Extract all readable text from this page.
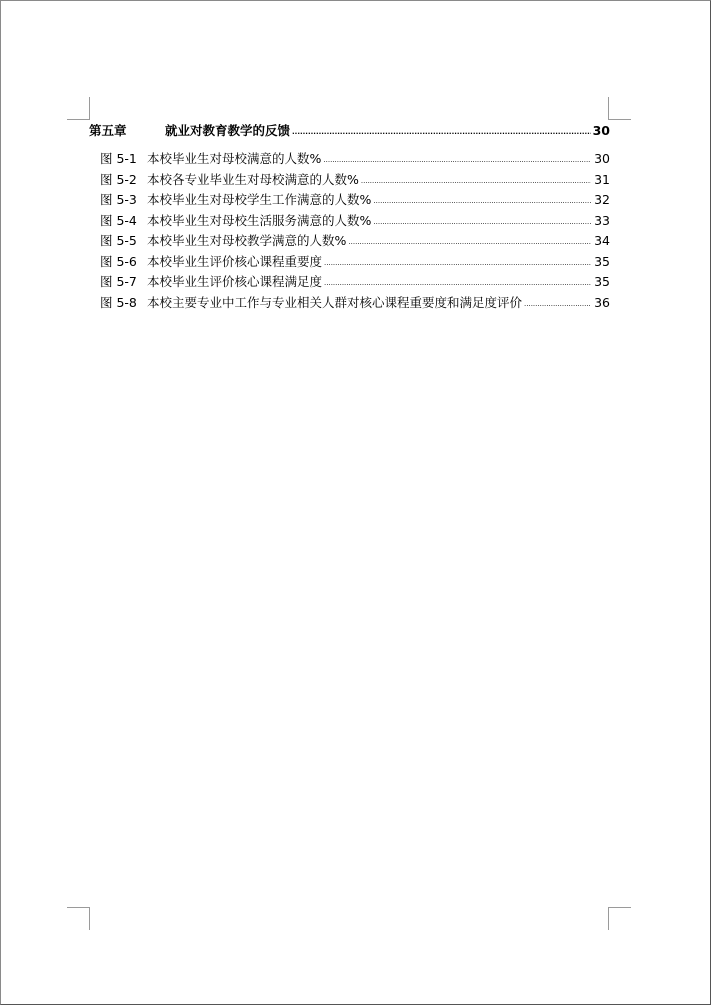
第五章	就业对教育教学的反馈 .....	30
图 5-1 本校毕业生对母校满意的人数% .....	30
图 5-2 本校各专业毕业生对母校满意的人数% .....	31
图 5-3 本校毕业生对母校学生工作满意的人数% .....	32
图 5-4 本校毕业生对母校生活服务满意的人数% .....	33
图 5-5 本校毕业生对母校教学满意的人数% .....	34
图 5-6 本校毕业生评价核心课程重要度 .....	35
图 5-7 本校毕业生评价核心课程满足度 .....	35
图 5-8 本校主要专业中工作与专业相关人群对核心课程重要度和满足度评价 .....	36
